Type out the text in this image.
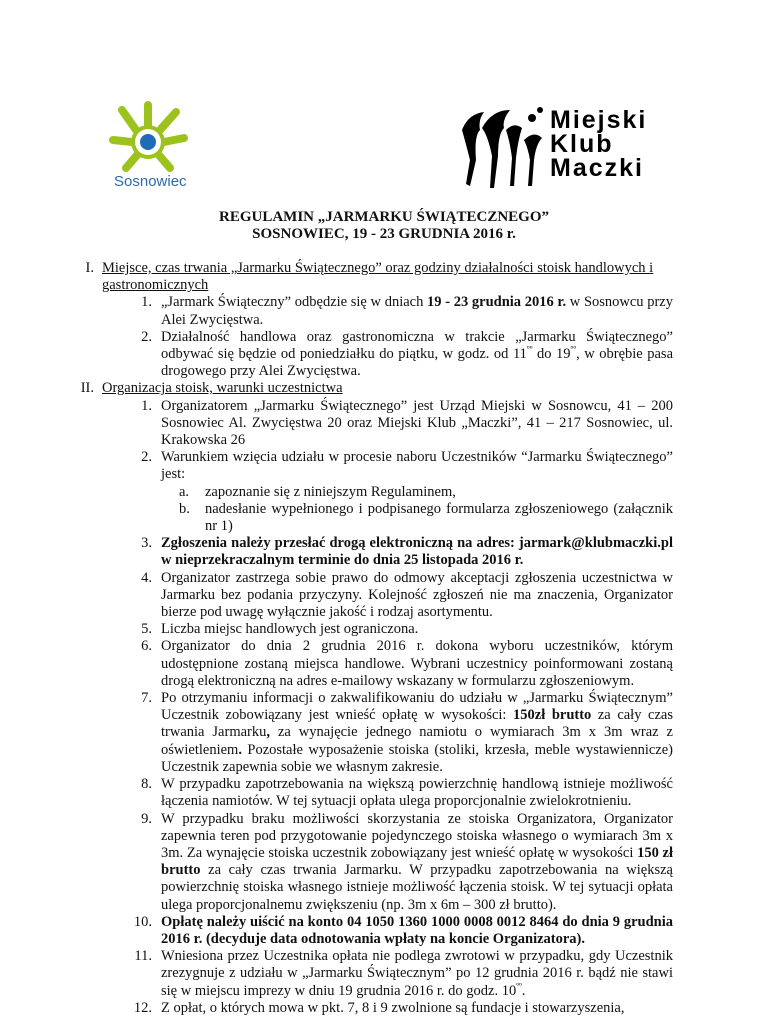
Sosnowiec
Miejski
Klub
Maczki
REGULAMIN „JARMARKU ŚWIĄTECZNEGO”
SOSNOWIEC, 19 - 23 GRUDNIA 2016 r.
I. Miejsce, czas trwania „Jarmarku Świątecznego” oraz godziny działalności stoisk handlowych i gastronomicznych
1. „Jarmark Świąteczny” odbędzie się w dniach 19 - 23 grudnia 2016 r. w Sosnowcu przy Alei Zwycięstwa.
2. Działalność handlowa oraz gastronomiczna w trakcie „Jarmarku Świątecznego” odbywać się będzie od poniedziałku do piątku, w godz. od $11^{ºº}$ do $19^{ºº}$, w obrębie pasa drogowego przy Alei Zwycięstwa.
II. Organizacja stoisk, warunki uczestnictwa
1. Organizatorem „Jarmarku Świątecznego” jest Urząd Miejski w Sosnowcu, 41 – 200 Sosnowiec Al. Zwycięstwa 20 oraz Miejski Klub „Maczki”, 41 – 217 Sosnowiec, ul. Krakowska 26
2. Warunkiem wzięcia udziału w procesie naboru Uczestników “Jarmarku Świątecznego” jest:
a. zapoznanie się z niniejszym Regulaminem,
b. nadesłanie wypełnionego i podpisanego formularza zgłoszeniowego (załącznik nr 1)
3. Zgłoszenia należy przesłać drogą elektroniczną na adres: jarmark@klubmaczki.pl w nieprzekraczalnym terminie do dnia 25 listopada 2016 r.
4. Organizator zastrzega sobie prawo do odmowy akceptacji zgłoszenia uczestnictwa w Jarmarku bez podania przyczyny. Kolejność zgłoszeń nie ma znaczenia, Organizator bierze pod uwagę wyłącznie jakość i rodzaj asortymentu.
5. Liczba miejsc handlowych jest ograniczona.
6. Organizator do dnia 2 grudnia 2016 r. dokona wyboru uczestników, którym udostępnione zostaną miejsca handlowe. Wybrani uczestnicy poinformowani zostaną drogą elektroniczną na adres e-mailowy wskazany w formularzu zgłoszeniowym.
7. Po otrzymaniu informacji o zakwalifikowaniu do udziału w „Jarmarku Świątecznym” Uczestnik zobowiązany jest wnieść opłatę w wysokości: 150zł brutto za cały czas trwania Jarmarku, za wynajęcie jednego namiotu o wymiarach 3m x 3m wraz z oświetleniem. Pozostałe wyposażenie stoiska (stoliki, krzesła, meble wystawiennicze) Uczestnik zapewnia sobie we własnym zakresie.
8. W przypadku zapotrzebowania na większą powierzchnię handlową istnieje możliwość łączenia namiotów. W tej sytuacji opłata ulega proporcjonalnie zwielokrotnieniu.
9. W przypadku braku możliwości skorzystania ze stoiska Organizatora, Organizator zapewnia teren pod przygotowanie pojedynczego stoiska własnego o wymiarach 3m x 3m. Za wynajęcie stoiska uczestnik zobowiązany jest wnieść opłatę w wysokości 150 zł brutto za cały czas trwania Jarmarku. W przypadku zapotrzebowania na większą powierzchnię stoiska własnego istnieje możliwość łączenia stoisk. W tej sytuacji opłata ulega proporcjonalnemu zwiększeniu (np. 3m x 6m – 300 zł brutto).
10. Opłatę należy uiścić na konto 04 1050 1360 1000 0008 0012 8464 do dnia 9 grudnia 2016 r. (decyduje data odnotowania wpłaty na koncie Organizatora).
11. Wniesiona przez Uczestnika opłata nie podlega zwrotowi w przypadku, gdy Uczestnik zrezygnuje z udziału w „Jarmarku Świątecznym” po 12 grudnia 2016 r. bądź nie stawi się w miejscu imprezy w dniu 19 grudnia 2016 r. do godz. $10^{ºº}$.
12. Z opłat, o których mowa w pkt. 7, 8 i 9 zwolnione są fundacje i stowarzyszenia,
